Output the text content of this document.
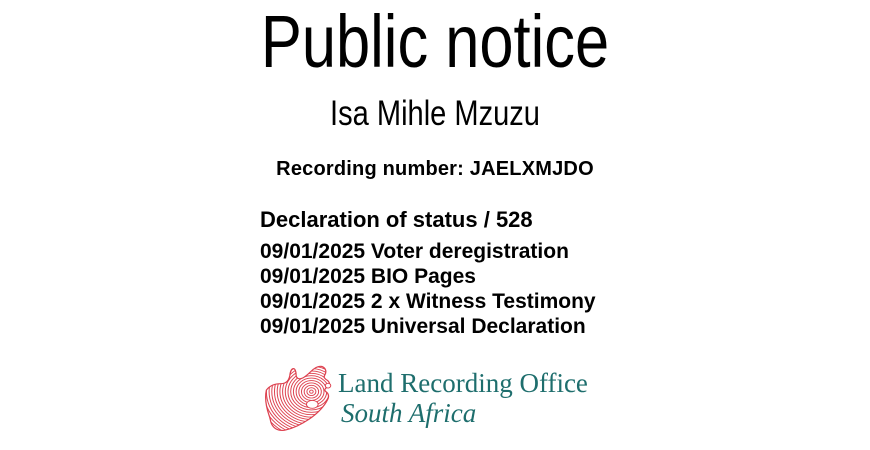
Public notice
Isa Mihle Mzuzu
Recording number: JAELXMJDO
Declaration of status / 528
09/01/2025 Voter deregistration
09/01/2025 BIO Pages
09/01/2025 2 x Witness Testimony
09/01/2025 Universal Declaration
Land Recording Office
South Africa
